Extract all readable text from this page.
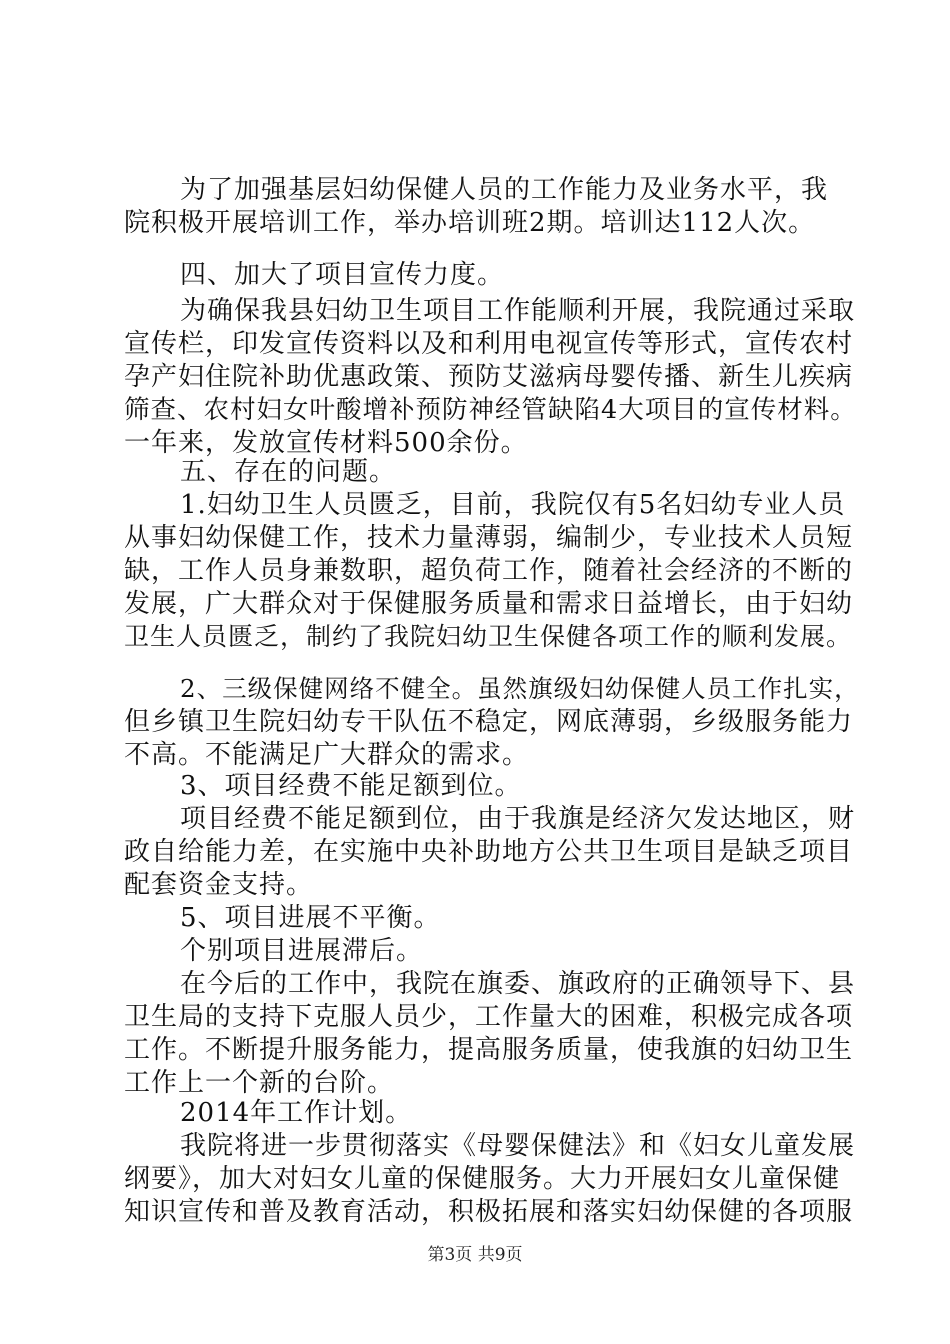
为了加强基层妇幼保健人员的工作能力及业务水平，我
院积极开展培训工作，举办培训班2期。培训达112人次。
四、加大了项目宣传力度。
为确保我县妇幼卫生项目工作能顺利开展，我院通过采取
宣传栏，印发宣传资料以及和利用电视宣传等形式，宣传农村
孕产妇住院补助优惠政策、预防艾滋病母婴传播、新生儿疾病
筛查、农村妇女叶酸增补预防神经管缺陷4大项目的宣传材料。
一年来，发放宣传材料500余份。
五、存在的问题。
1.妇幼卫生人员匮乏，目前，我院仅有5名妇幼专业人员
从事妇幼保健工作，技术力量薄弱，编制少，专业技术人员短
缺，工作人员身兼数职，超负荷工作，随着社会经济的不断的
发展，广大群众对于保健服务质量和需求日益增长，由于妇幼
卫生人员匮乏，制约了我院妇幼卫生保健各项工作的顺利发展。
2、三级保健网络不健全。虽然旗级妇幼保健人员工作扎实，
但乡镇卫生院妇幼专干队伍不稳定，网底薄弱，乡级服务能力
不高。不能满足广大群众的需求。
3、项目经费不能足额到位。
项目经费不能足额到位，由于我旗是经济欠发达地区，财
政自给能力差，在实施中央补助地方公共卫生项目是缺乏项目
配套资金支持。
5、项目进展不平衡。
个别项目进展滞后。
在今后的工作中，我院在旗委、旗政府的正确领导下、县
卫生局的支持下克服人员少，工作量大的困难，积极完成各项
工作。不断提升服务能力，提高服务质量，使我旗的妇幼卫生
工作上一个新的台阶。
2014年工作计划。
我院将进一步贯彻落实《母婴保健法》和《妇女儿童发展
纲要》，加大对妇女儿童的保健服务。大力开展妇女儿童保健
知识宣传和普及教育活动，积极拓展和落实妇幼保健的各项服
第3页 共9页
